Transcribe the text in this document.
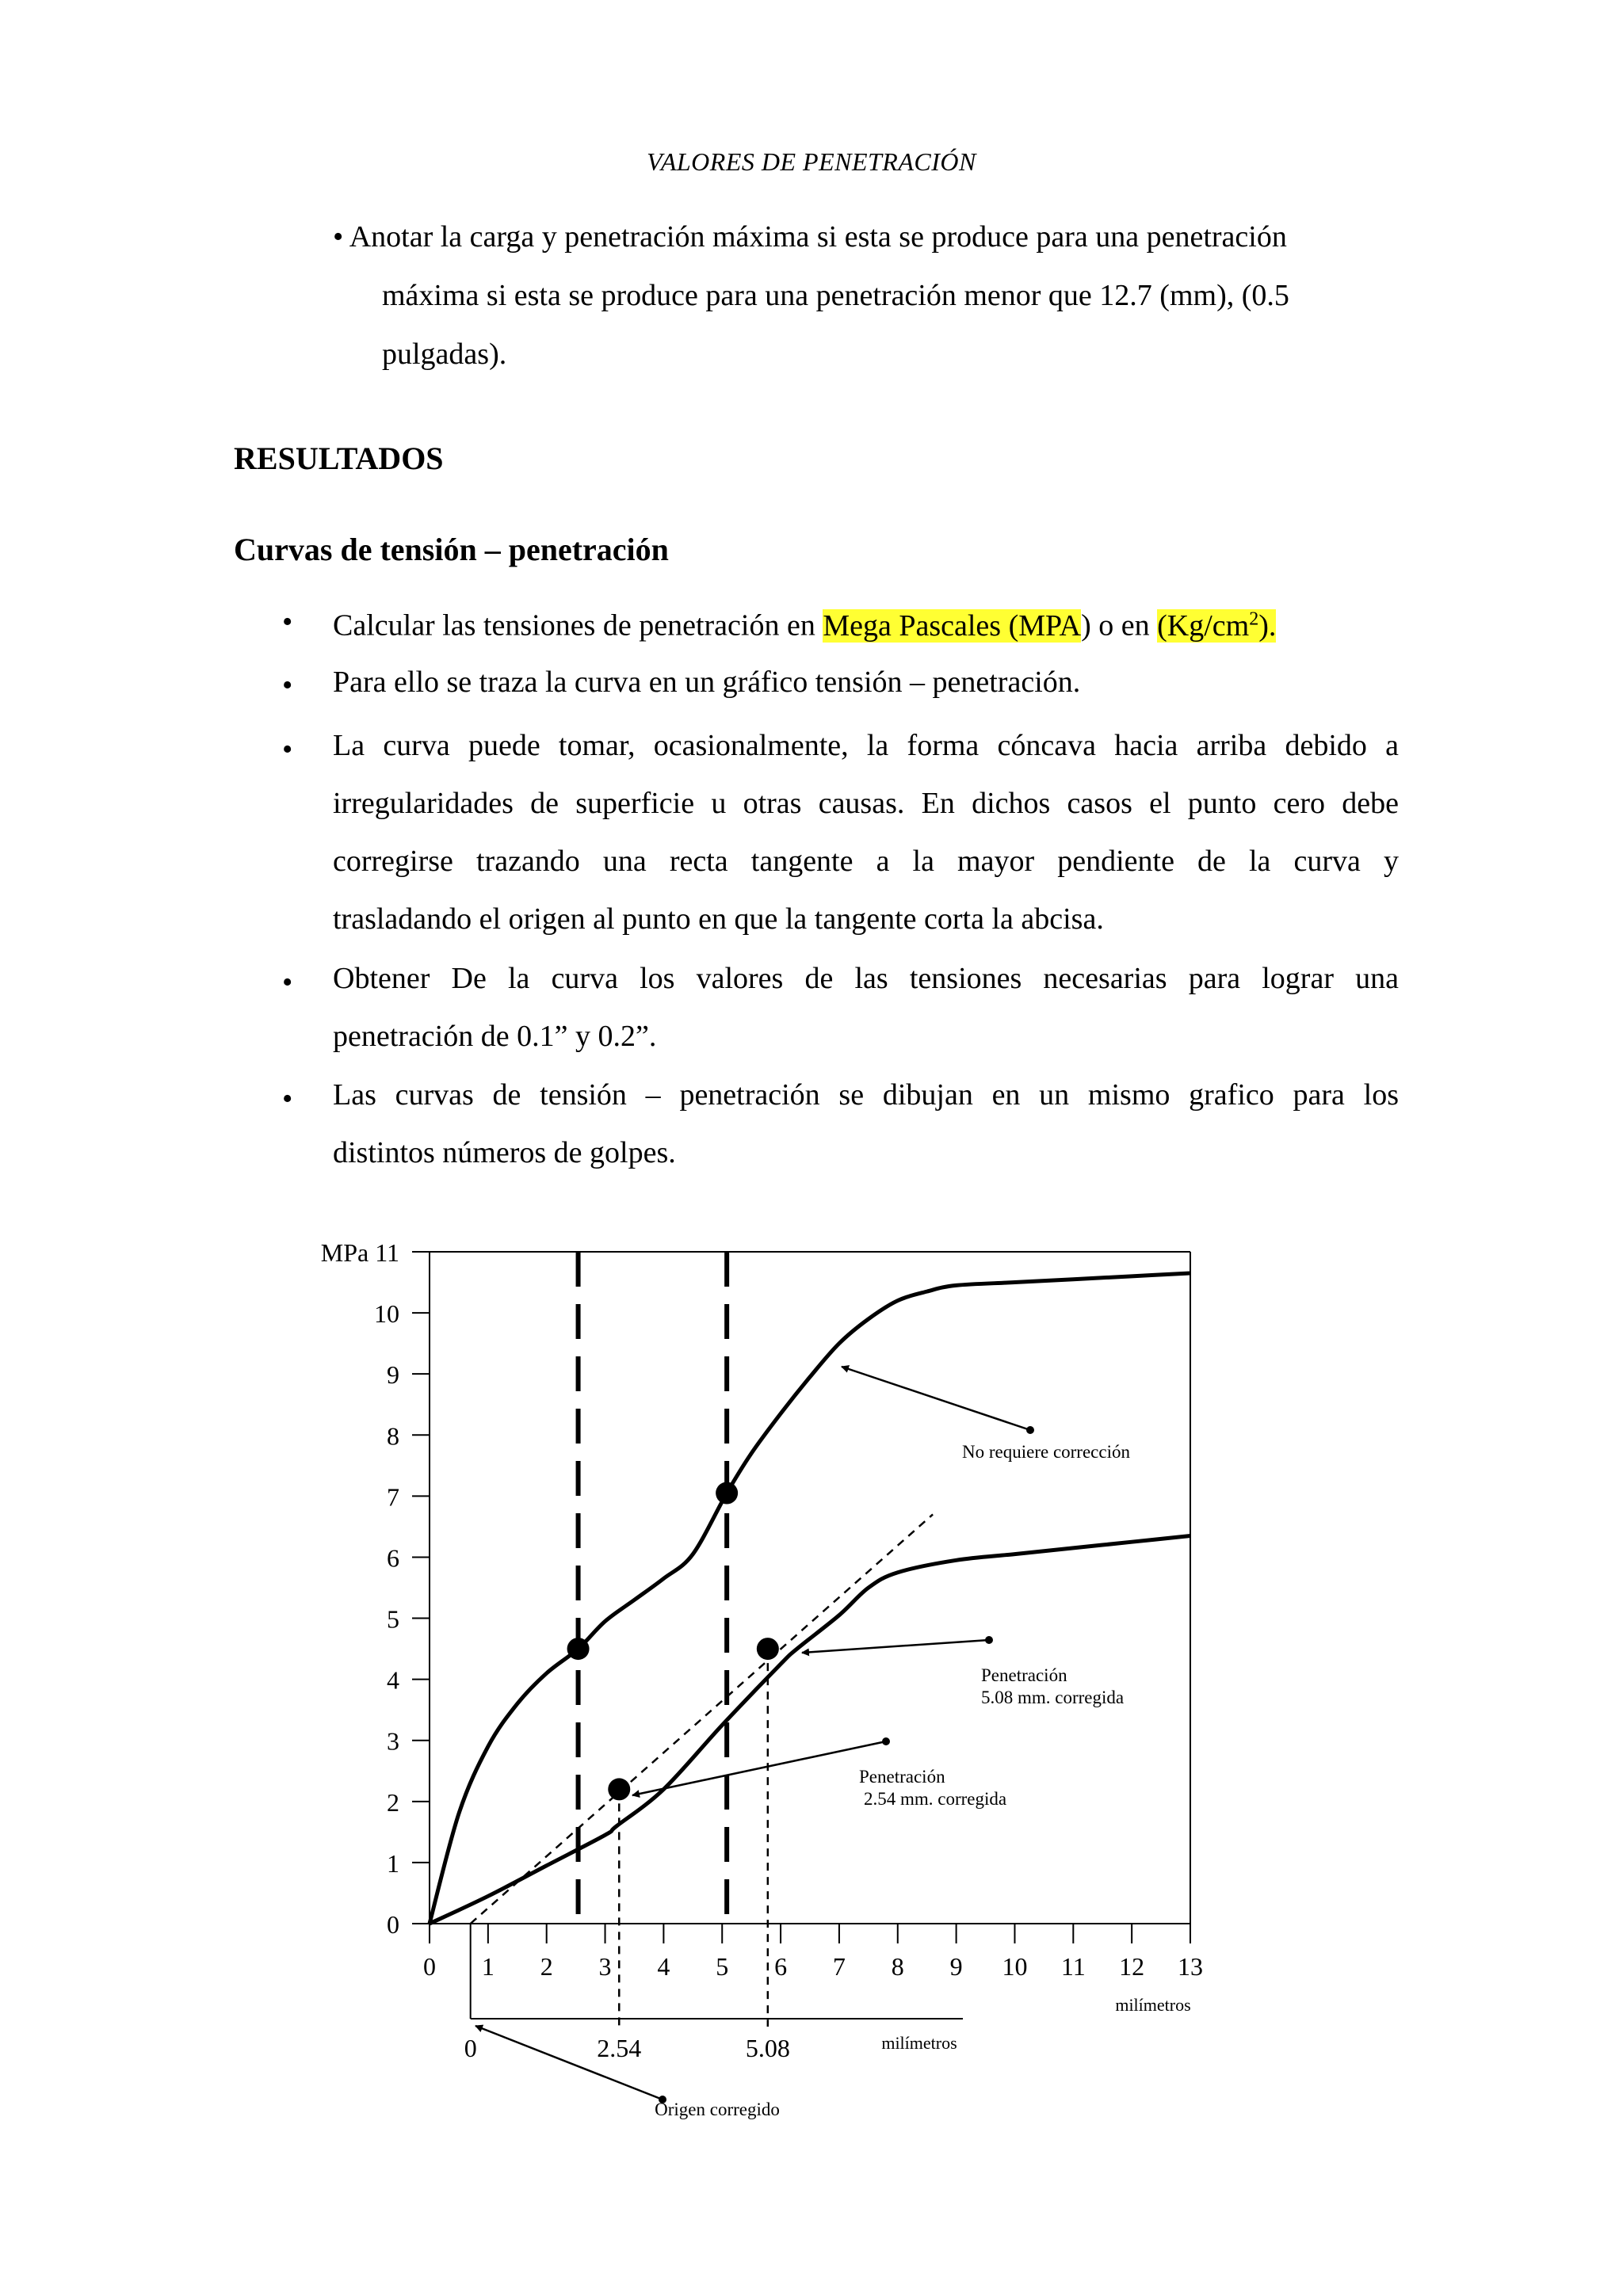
VALORES DE PENETRACIÓN
• Anotar la carga y penetración máxima si esta se produce para una penetración
máxima si esta se produce para una penetración menor que 12.7 (mm), (0.5
pulgadas).
RESULTADOS
Curvas de tensión – penetración
• Calcular las tensiones de penetración en Mega Pascales (MPA) o en $(Kg/cm^2)$.
• Para ello se traza la curva en un gráfico tensión – penetración.
• La curva puede tomar, ocasionalmente, la forma cóncava hacia arriba debido a
irregularidades de superficie u otras causas. En dichos casos el punto cero debe
corregirse trazando una recta tangente a la mayor pendiente de la curva y
trasladando el origen al punto en que la tangente corta la abcisa.
• Obtener De la curva los valores de las tensiones necesarias para lograr una
penetración de 0.1” y 0.2”.
• Las curvas de tensión – penetración se dibujan en un mismo grafico para los
distintos números de golpes.
0
1
2
3
4
5
6
7
8
9
10
MPa 11
0 1 2 3 4 5 6 7 8 9 10 11 12 13
milímetros
0	2.54	5.08	milímetros
No requiere corrección
Penetración
5.08 mm. corregida
Penetración
2.54 mm. corregida
Origen corregido
